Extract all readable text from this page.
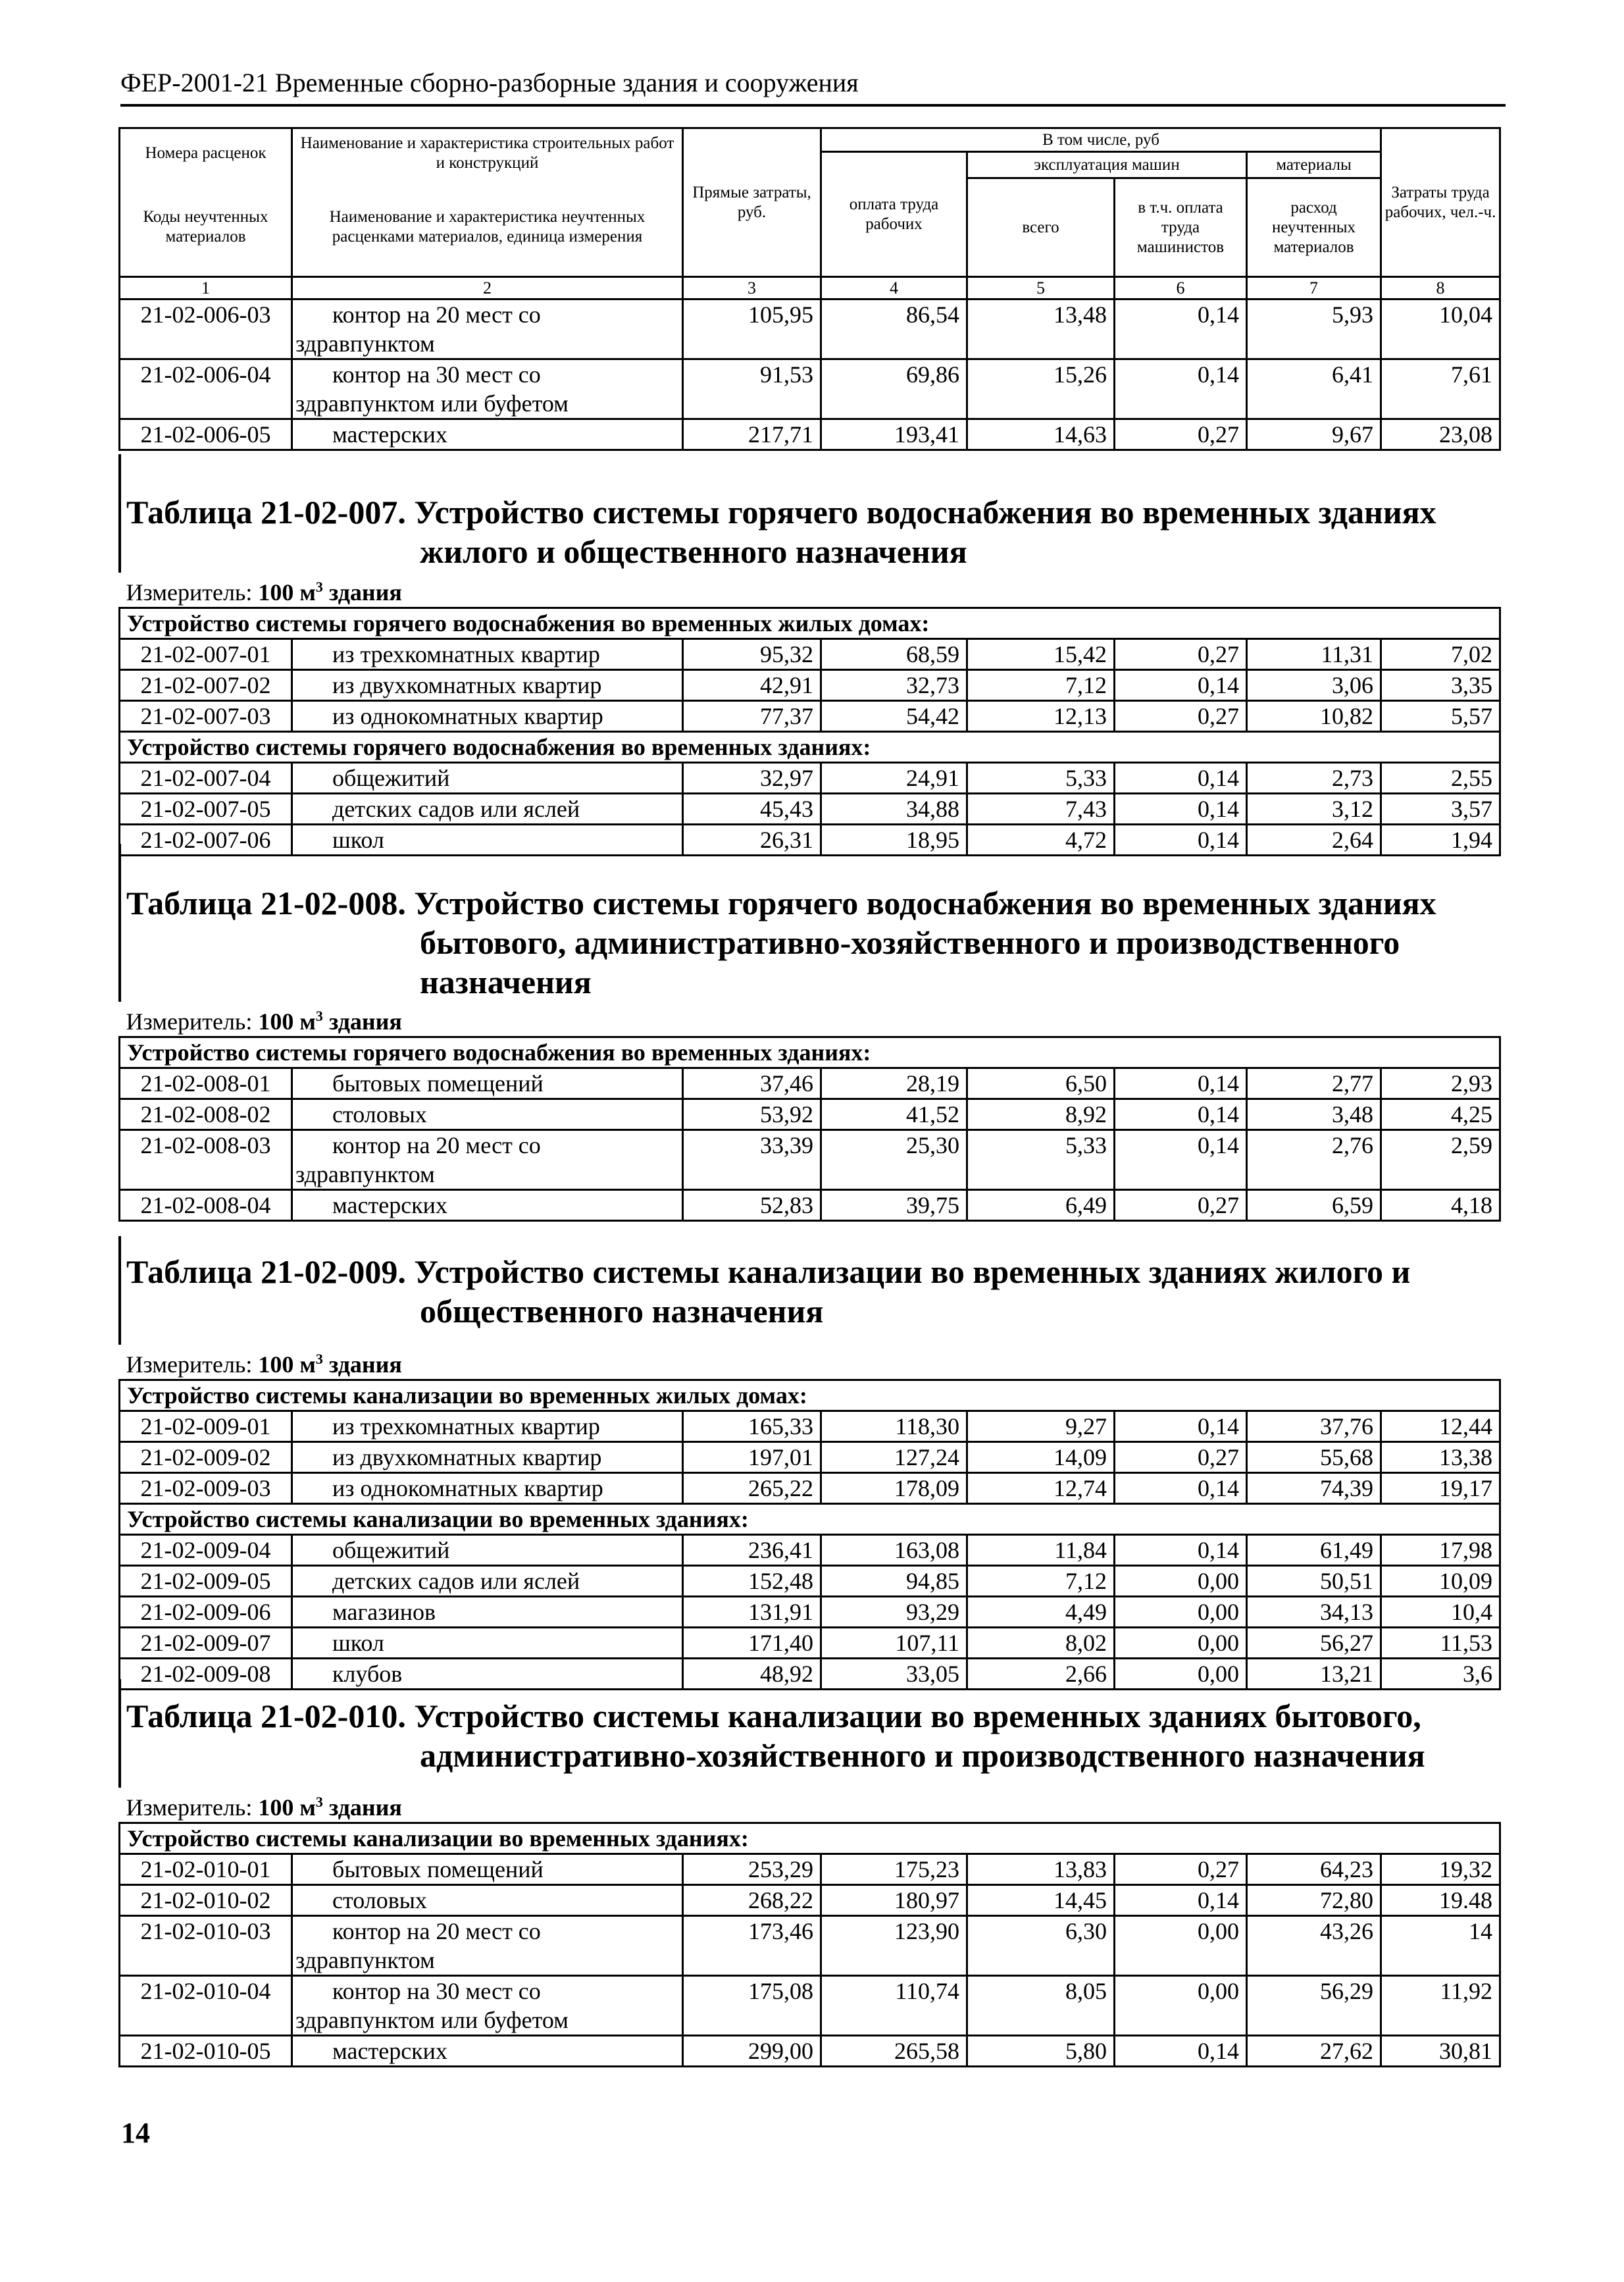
ФЕР-2001-21 Временные сборно-разборные здания и сооружения
Номера расценок	Наименование и характеристика строительных работ и конструкций	Прямые затраты, руб.	В том числе, руб				Затраты труда рабочих, чел.-ч.
			оплата труда рабочих	эксплуатация машин		материалы	
Коды неучтенных материалов	Наименование и характеристика неучтенных расценками материалов, единица измерения			всего	в т.ч. оплата труда машинистов	расход неучтенных материалов	

1	2	3	4	5	6	7	8
21-02-006-03	контор на 20 мест со
здравпунктом	105,95	86,54	13,48	0,14	5,93	10,04
21-02-006-04	контор на 30 мест со
здравпунктом или буфетом	91,53	69,86	15,26	0,14	6,41	7,61
21-02-006-05	мастерских	217,71	193,41	14,63	0,27	9,67	23,08
Таблица 21-02-007. Устройство системы горячего водоснабжения во временных зданиях
жилого и общественного назначения
Измеритель: 100 $м^3$ здания							
Устройство системы горячего водоснабжения во временных жилых домах:							
21-02-007-01	из трехкомнатных квартир	95,32	68,59	15,42	0,27	11,31	7,02
21-02-007-02	из двухкомнатных квартир	42,91	32,73	7,12	0,14	3,06	3,35
21-02-007-03	из однокомнатных квартир	77,37	54,42	12,13	0,27	10,82	5,57
Устройство системы горячего водоснабжения во временных зданиях:							
21-02-007-04	общежитий	32,97	24,91	5,33	0,14	2,73	2,55
21-02-007-05	детских садов или яслей	45,43	34,88	7,43	0,14	3,12	3,57
21-02-007-06	школ	26,31	18,95	4,72	0,14	2,64	1,94
Таблица 21-02-008. Устройство системы горячего водоснабжения во временных зданиях
бытового, административно-хозяйственного и производственного назначения
Измеритель: 100 $м^3$ здания							
Устройство системы горячего водоснабжения во временных зданиях:							
21-02-008-01	бытовых помещений	37,46	28,19	6,50	0,14	2,77	2,93
21-02-008-02	столовых	53,92	41,52	8,92	0,14	3,48	4,25
21-02-008-03	контор на 20 мест со
здравпунктом	33,39	25,30	5,33	0,14	2,76	2,59
21-02-008-04	мастерских	52,83	39,75	6,49	0,27	6,59	4,18
Таблица 21-02-009. Устройство системы канализации во временных зданиях жилого и
общественного назначения
Измеритель: 100 $м^3$ здания							
Устройство системы канализации во временных жилых домах:							
21-02-009-01	из трехкомнатных квартир	165,33	118,30	9,27	0,14	37,76	12,44
21-02-009-02	из двухкомнатных квартир	197,01	127,24	14,09	0,27	55,68	13,38
21-02-009-03	из однокомнатных квартир	265,22	178,09	12,74	0,14	74,39	19,17
Устройство системы канализации во временных зданиях:							
21-02-009-04	общежитий	236,41	163,08	11,84	0,14	61,49	17,98
21-02-009-05	детских садов или яслей	152,48	94,85	7,12	0,00	50,51	10,09
21-02-009-06	магазинов	131,91	93,29	4,49	0,00	34,13	10,4
21-02-009-07	школ	171,40	107,11	8,02	0,00	56,27	11,53
21-02-009-08	клубов	48,92	33,05	2,66	0,00	13,21	3,6
Таблица 21-02-010. Устройство системы канализации во временных зданиях бытового,
административно-хозяйственного и производственного назначения
Измеритель: 100 $м^3$ здания							
Устройство системы канализации во временных зданиях:							
21-02-010-01	бытовых помещений	253,29	175,23	13,83	0,27	64,23	19,32
21-02-010-02	столовых	268,22	180,97	14,45	0,14	72,80	19.48
21-02-010-03	контор на 20 мест со
здравпунктом	173,46	123,90	6,30	0,00	43,26	14
21-02-010-04	контор на 30 мест со
здравпунктом или буфетом	175,08	110,74	8,05	0,00	56,29	11,92
21-02-010-05	мастерских	299,00	265,58	5,80	0,14	27,62	30,81
14
